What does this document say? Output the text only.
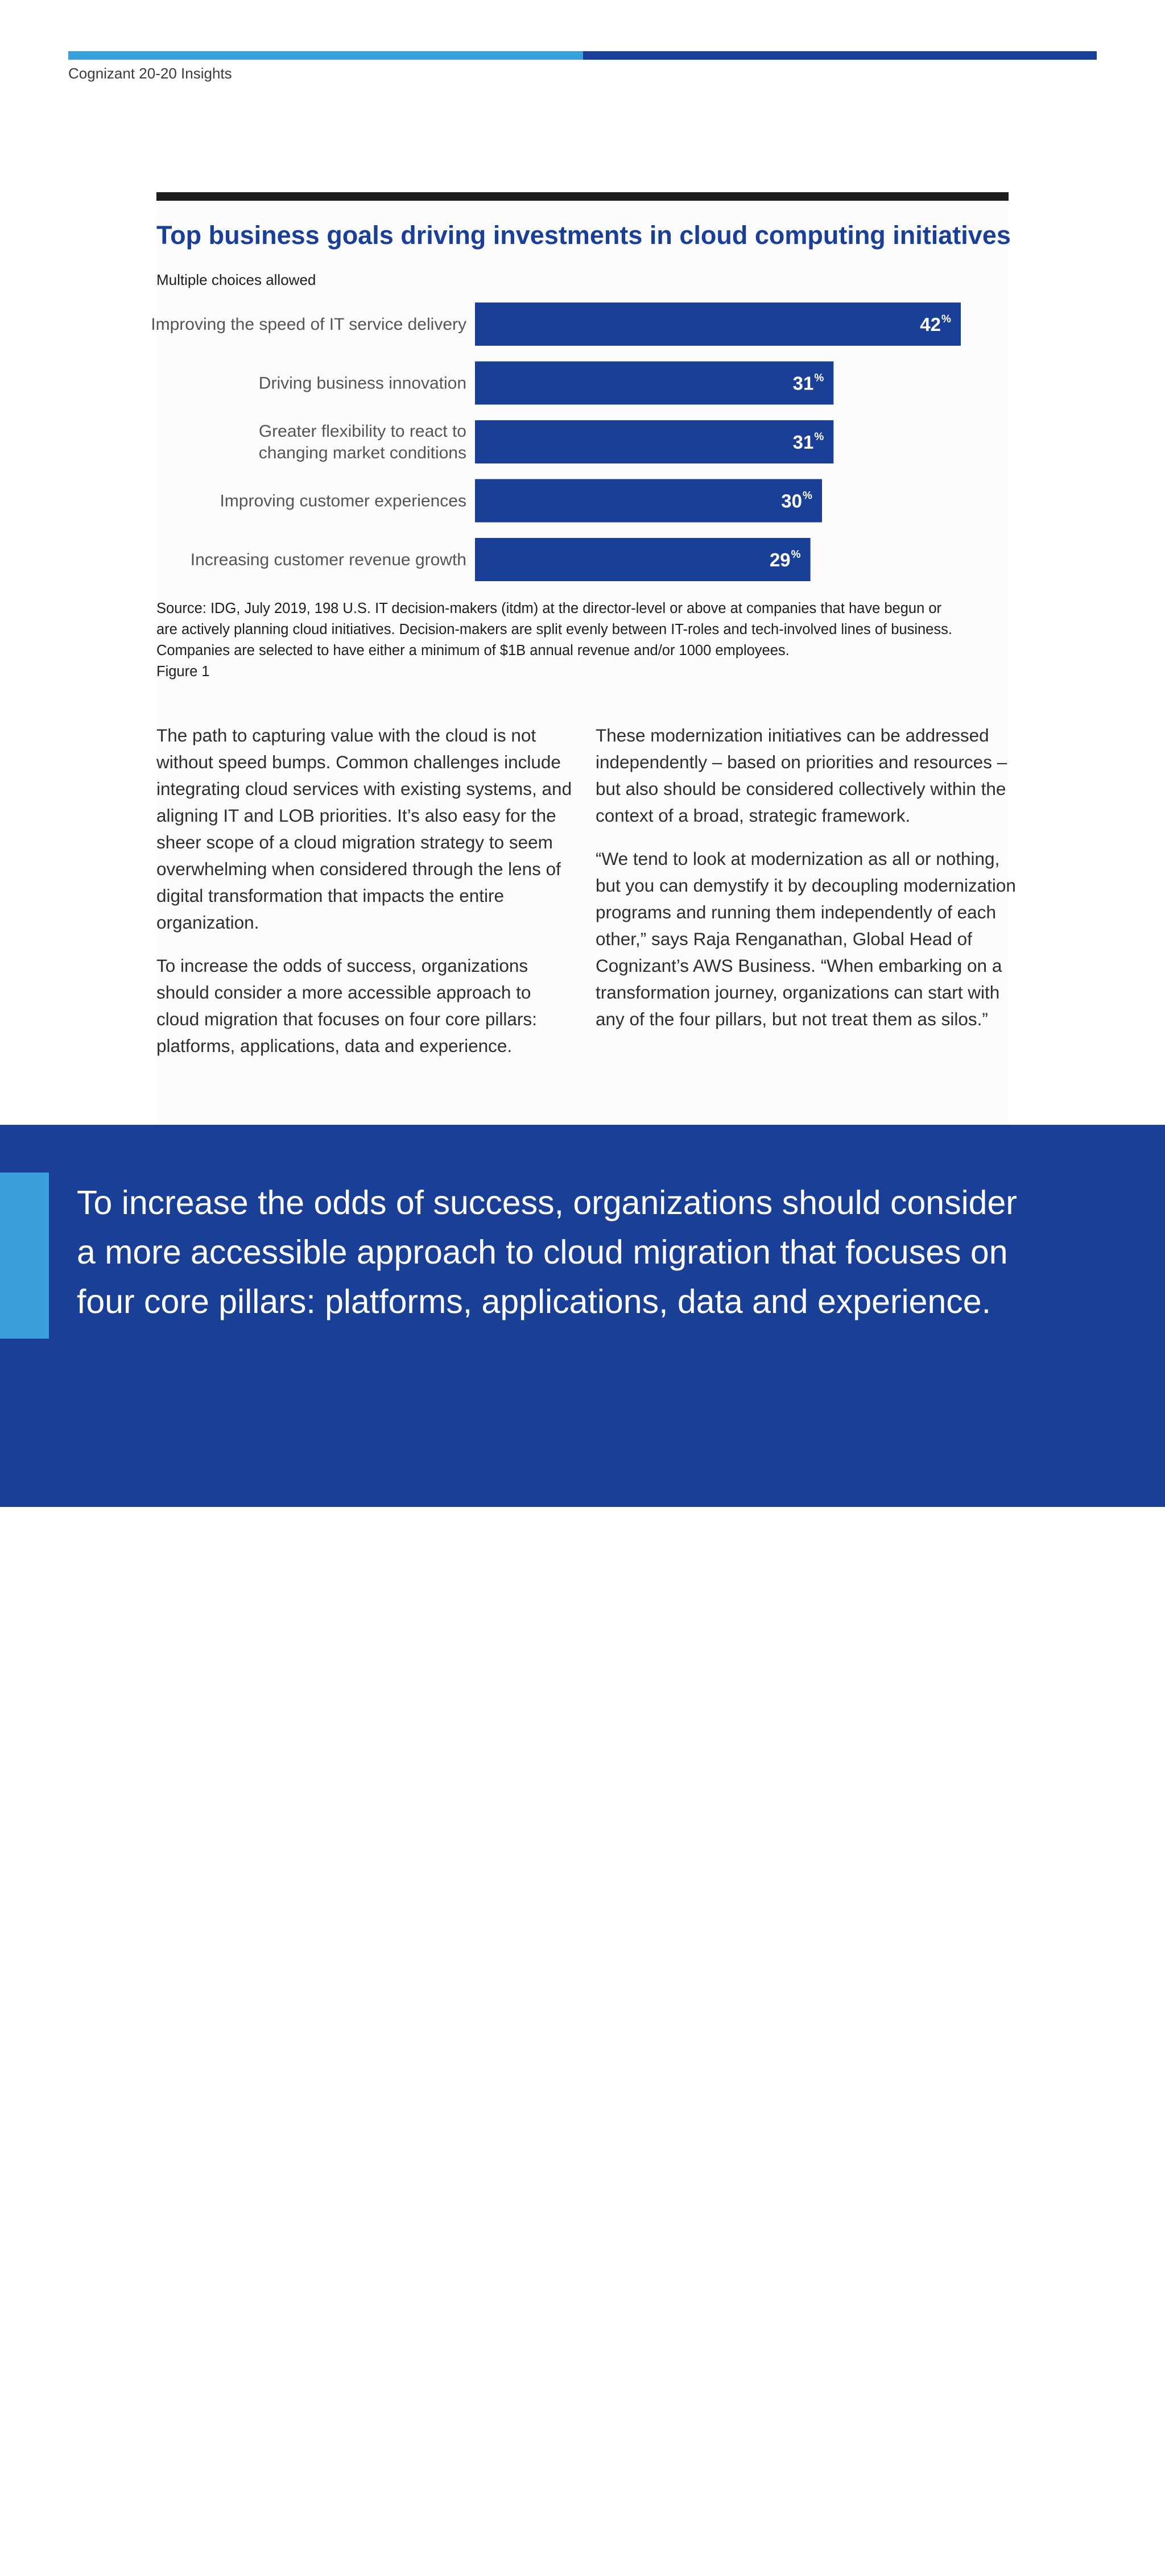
Cognizant 20-20 Insights
Top business goals driving investments in cloud computing initiatives
Multiple choices allowed
42 %
Improving the speed of IT service delivery
31 %
Driving business innovation
31 %
Greater flexibility to react to
changing market conditions
30 %
Improving customer experiences
29 %
Increasing customer revenue growth

Source: IDG, July 2019, 198 U.S. IT decision-makers (itdm) at the director-level or above at companies that have begun or

are actively planning cloud initiatives. Decision-makers are split evenly between IT-roles and tech-involved lines of business.

Companies are selected to have either a minimum of $1B annual revenue and/or 1000 employees.

Figure 1

The path to capturing value with the cloud is not without speed bumps. Common challenges include integrating cloud services with existing systems, and aligning IT and LOB priorities. It’s also easy for the sheer scope of a cloud migration strategy to seem overwhelming when considered through the lens of digital transformation that impacts the entire organization.

To increase the odds of success, organizations should consider a more accessible approach to cloud migration that focuses on four core pillars: platforms, applications, data and experience.

These modernization initiatives can be addressed independently – based on priorities and resources – but also should be considered collectively within the context of a broad, strategic framework.

“We tend to look at modernization as all or nothing, but you can demystify it by decoupling modernization programs and running them independently of each other,” says Raja Renganathan, Global Head of Cognizant’s AWS Business. “When embarking on a transformation journey, organizations can start with any of the four pillars, but not treat them as silos.”

To increase the odds of success, organizations should consider

a more accessible approach to cloud migration that focuses on

four core pillars: platforms, applications, data and experience.

2 / AWS Cloud Migration: How Modernization Accelerates Value Creation
